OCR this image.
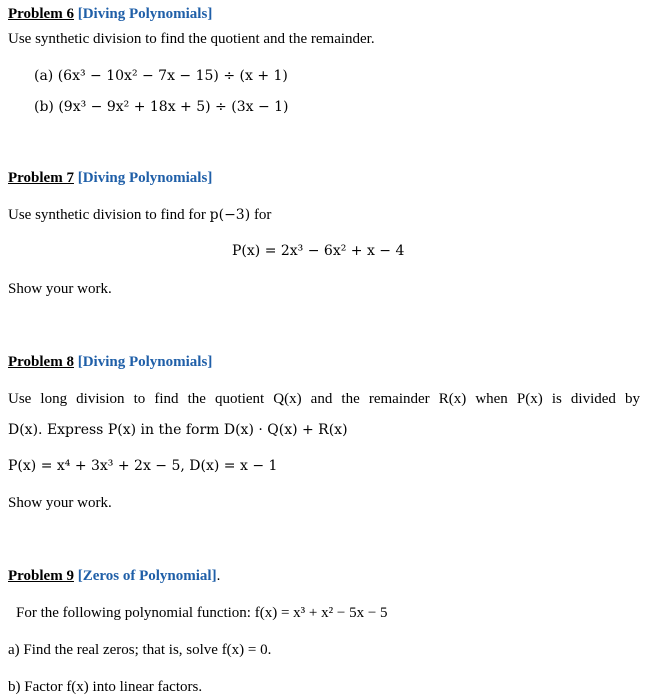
Problem 6 [Diving Polynomials]
Use synthetic division to find the quotient and the remainder.
(a) (6x³ − 10x² − 7x − 15) ÷ (x + 1)
(b) (9x³ − 9x² + 18x + 5) ÷ (3x − 1)
Problem 7 [Diving Polynomials]
Use synthetic division to find for p(−3) for
P(x) = 2x³ − 6x² + x − 4
Show your work.
Problem 8 [Diving Polynomials]
Use long division to find the quotient Q(x) and the remainder R(x) when P(x) is divided by
D(x). Express P(x) in the form D(x) · Q(x) + R(x)
P(x) = x⁴ + 3x³ + 2x − 5, D(x) = x − 1
Show your work.
Problem 9 [Zeros of Polynomial].
For the following polynomial function: f(x) = x³ + x² − 5x − 5
a) Find the real zeros; that is, solve f(x) = 0.
b) Factor f(x) into linear factors.
